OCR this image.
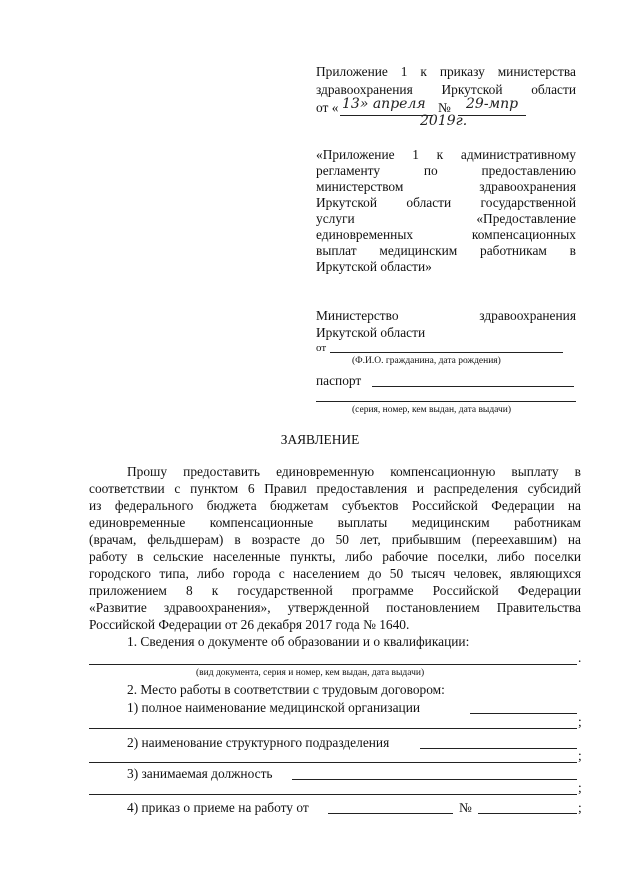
Приложение 1 к приказу министерства
здравоохранения Иркутской области
от « 13» апреля № 29-мпр
2019г.
«Приложение 1 к административному
регламенту по предоставлению
министерством здравоохранения
Иркутской области государственной
услуги «Предоставление
единовременных компенсационных
выплат медицинским работникам в
Иркутской области»
Министерство здравоохранения
Иркутской области
от
(Ф.И.О. гражданина, дата рождения)
паспорт
(серия, номер, кем выдан, дата выдачи)
ЗАЯВЛЕНИЕ
Прошу предоставить единовременную компенсационную выплату в
соответствии с пунктом 6 Правил предоставления и распределения субсидий
из федерального бюджета бюджетам субъектов Российской Федерации на
единовременные компенсационные выплаты медицинским работникам
(врачам, фельдшерам) в возрасте до 50 лет, прибывшим (переехавшим) на
работу в сельские населенные пункты, либо рабочие поселки, либо поселки
городского типа, либо города с населением до 50 тысяч человек, являющихся
приложением 8 к государственной программе Российской Федерации
«Развитие здравоохранения», утвержденной постановлением Правительства
Российской Федерации от 26 декабря 2017 года № 1640.
1. Сведения о документе об образовании и о квалификации:
.
(вид документа, серия и номер, кем выдан, дата выдачи)
2. Место работы в соответствии с трудовым договором:
1) полное наименование медицинской организации
;
2) наименование структурного подразделения
;
3) занимаемая должность
;
4) приказ о приеме на работу от	№	;
